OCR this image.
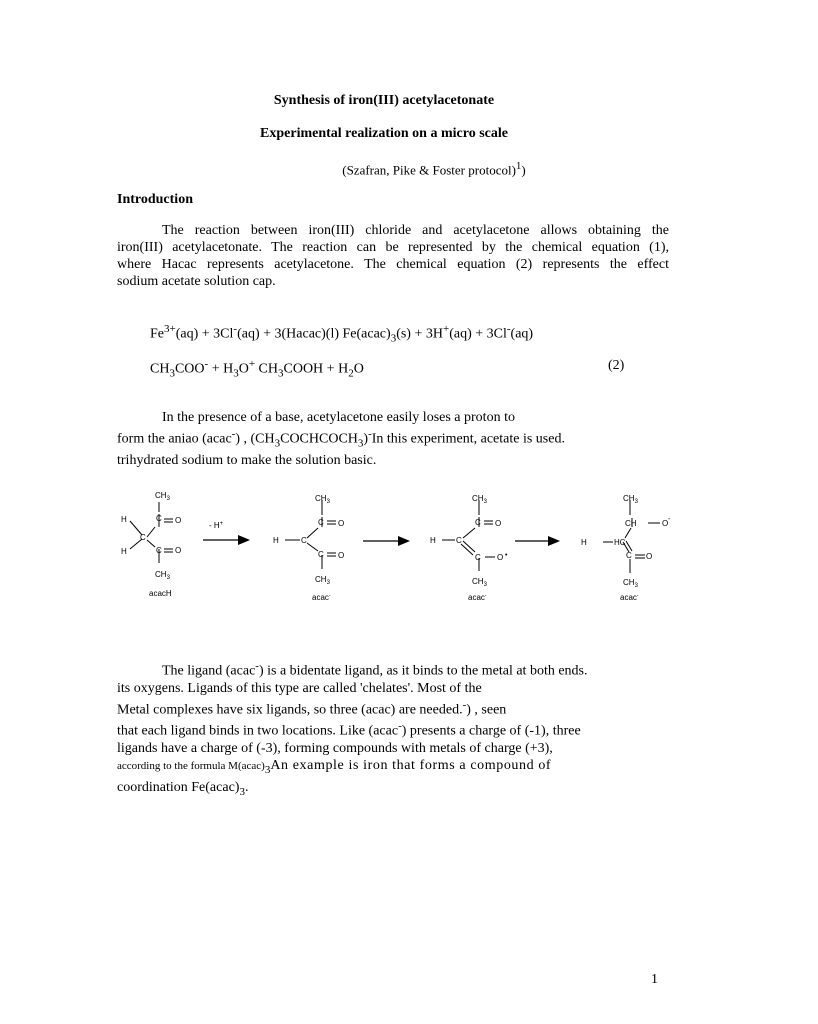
Synthesis of iron(III) acetylacetonate
Experimental realization on a micro scale
(Szafran, Pike & Foster protocol)$^1$)
Introduction
The reaction between iron(III) chloride and acetylacetone allows obtaining the
iron(III) acetylacetonate. The reaction can be represented by the chemical equation (1),
where Hacac represents acetylacetone. The chemical equation (2) represents the effect
sodium acetate solution cap.
$Fe^{3+}(aq) + 3Cl^-(aq)$ + 3(Hacac)(l) $Fe(acac)_3(s) + 3H^+(aq) + 3Cl^-(aq)$
$CH_3COO^- + H_3O^+$ $CH_3COOH + H_2O$	(2)
In the presence of a base, acetylacetone easily loses a proton to
form the aniao (acac-) , $(CH_3COCHCOCH_3)^-In$ this experiment, acetate is used.
trihydrated sodium to make the solution basic.
$CH_3$
C O
H
C
H	C O
$CH_3$
- H+
$CH_3$
C O
H	C
C O
$CH_3$
$CH_3$
C O
H	C
C O •
$CH_3$
$CH_3$
CH	O -
H	HC
C O
$CH_3$
acacH	acac-	acac-	acac-
The ligand (acac-) is a bidentate ligand, as it binds to the metal at both ends.
its oxygens. Ligands of this type are called 'chelates'. Most of the
Metal complexes have six ligands, so three (acac) are needed.-) , seen
that each ligand binds in two locations. Like (acac-) presents a charge of (-1), three
ligands have a charge of (-3), forming compounds with metals of charge (+3),
according to the formula $M(acac)_3An$ example is iron that forms a compound of
coordination $Fe(acac)_3$.
1
